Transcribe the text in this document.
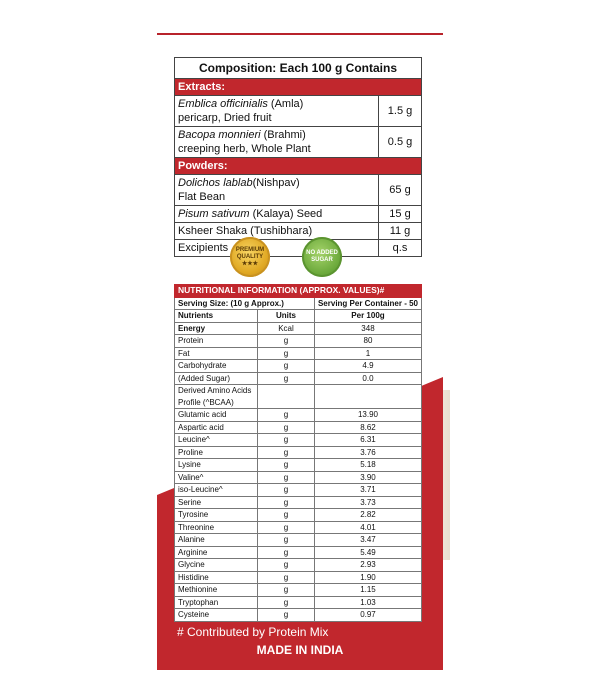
Composition: Each 100 g Contains	
Extracts:	
Emblica officinialis (Amla)
pericarp, Dried fruit	1.5 g
Bacopa monnieri (Brahmi)
creeping herb, Whole Plant	0.5 g
Powders:	
Dolichos lablab(Nishpav)
Flat Bean	65 g
Pisum sativum (Kalaya) Seed	15 g
Ksheer Shaka (Tushibhara)	11 g
Excipients	q.s
PREMIUM
QUALITY
★★★
NO ADDED
SUGAR
NUTRITIONAL INFORMATION (APPROX. VALUES)#		
Serving Size: (10 g Approx.)		Serving Per Container - 50
Nutrients	Units	Per 100g
Energy	Kcal	348
Protein	g	80
Fat	g	1
Carbohydrate	g	4.9
(Added Sugar)	g	0.0
Derived Amino Acids Profile (^BCAA)		
Glutamic acid	g	13.90
Aspartic acid	g	8.62
Leucine^	g	6.31
Proline	g	3.76
Lysine	g	5.18
Valine^	g	3.90
iso-Leucine^	g	3.71
Serine	g	3.73
Tyrosine	g	2.82
Threonine	g	4.01
Alanine	g	3.47
Arginine	g	5.49
Glycine	g	2.93
Histidine	g	1.90
Methionine	g	1.15
Tryptophan	g	1.03
Cysteine	g	0.97
# Contributed by Protein Mix
MADE IN INDIA
